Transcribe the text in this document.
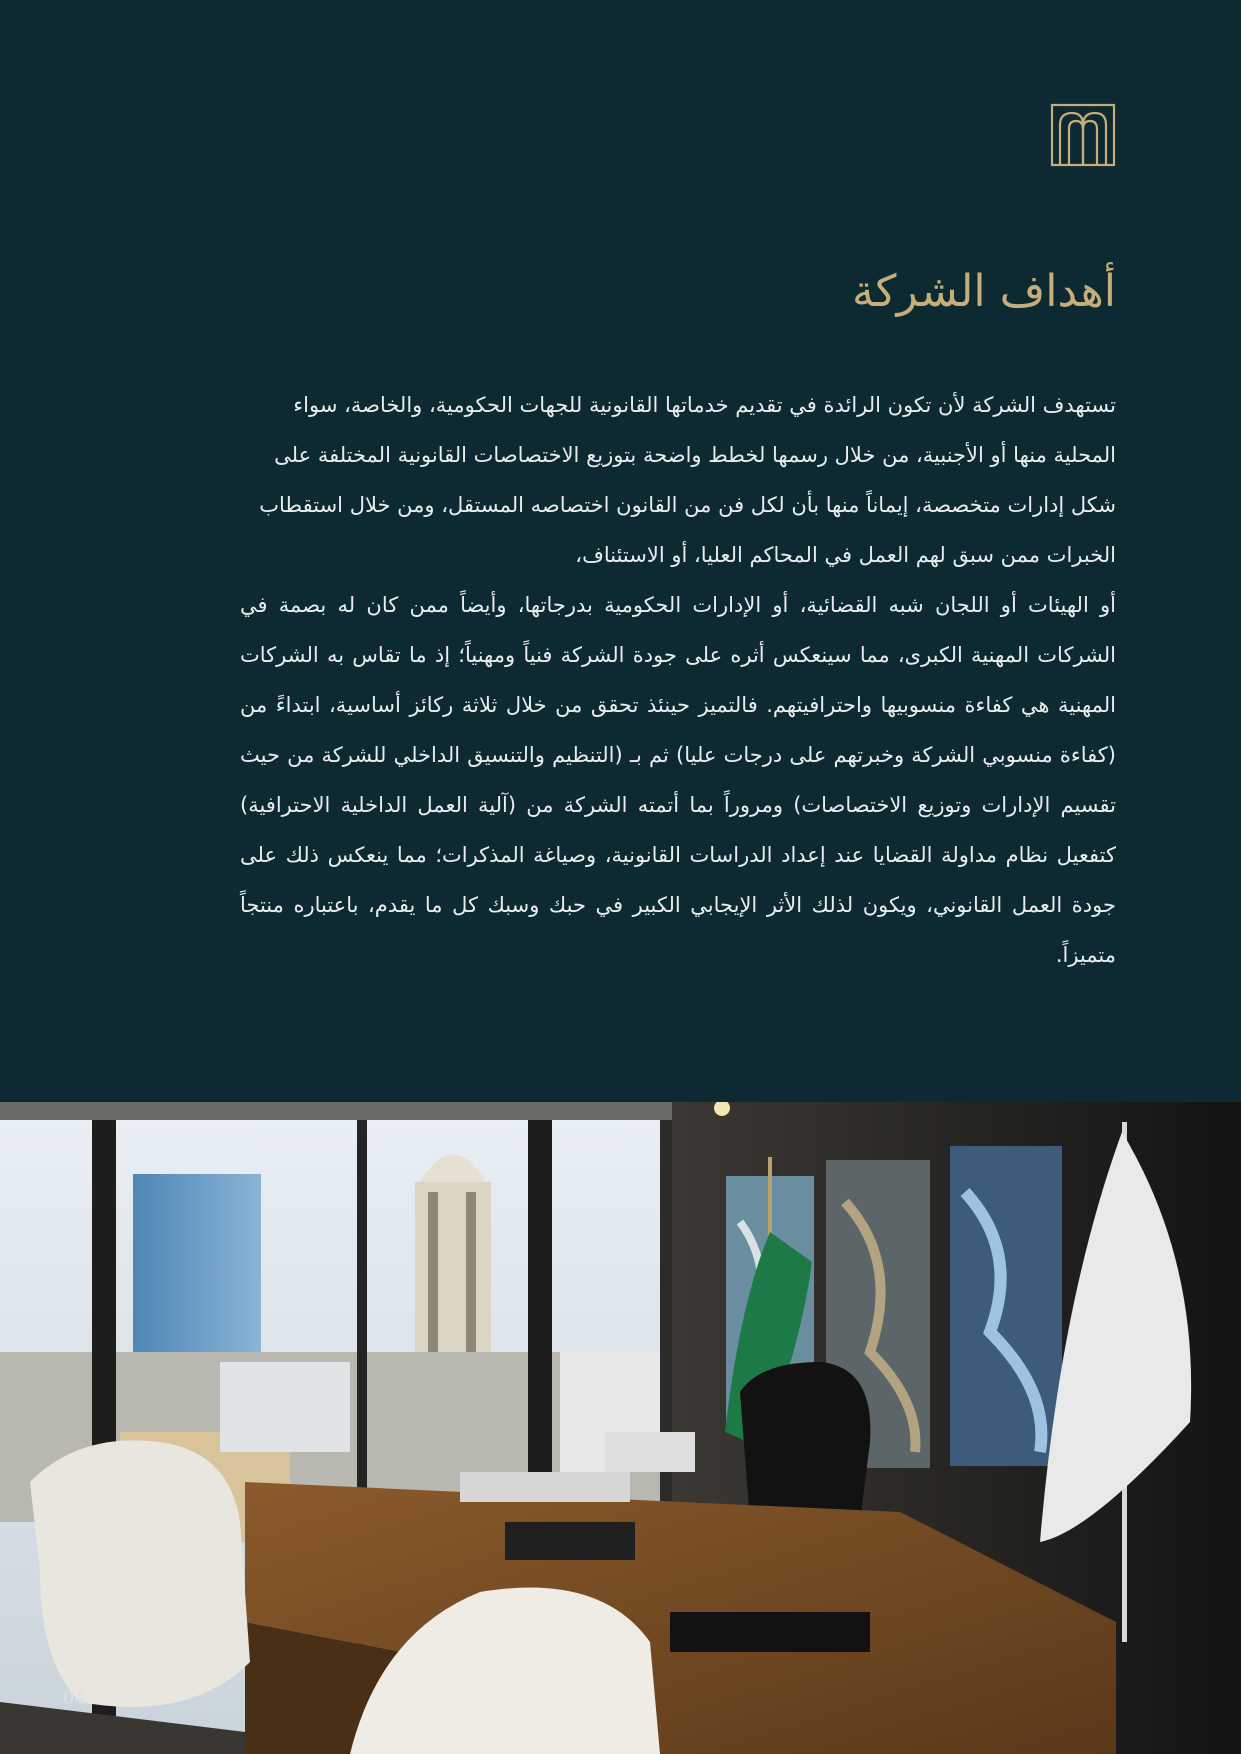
أهداف الشركة

تستهدف الشركة لأن تكون الرائدة في تقديم خدماتها القانونية للجهات الحكومية، والخاصة، سواء المحلية منها أو الأجنبية، من خلال رسمها لخطط واضحة بتوزيع الاختصاصات القانونية المختلفة على شكل إدارات متخصصة، إيماناً منها بأن لكل فن من القانون اختصاصه المستقل، ومن خلال استقطاب الخبرات ممن سبق لهم العمل في المحاكم العليا، أو الاستئناف،

أو الهيئات أو اللجان شبه القضائية، أو الإدارات الحكومية بدرجاتها، وأيضاً ممن كان له بصمة في الشركات المهنية الكبرى، مما سينعكس أثره على جودة الشركة فنياً ومهنياً؛ إذ ما تقاس به الشركات المهنية هي كفاءة منسوبيها واحترافيتهم. فالتميز حينئذ تحقق من خلال ثلاثة ركائز أساسية، ابتداءً من (كفاءة منسوبي الشركة وخبرتهم على درجات عليا) ثم بـ (التنظيم والتنسيق الداخلي للشركة من حيث تقسيم الإدارات وتوزيع الاختصاصات) ومروراً بما أتمته الشركة من (آلية العمل الداخلية الاحترافية) كتفعيل نظام مداولة القضايا عند إعداد الدراسات القانونية، وصياغة المذكرات؛ مما ينعكس ذلك على جودة العمل القانوني، ويكون لذلك الأثر الإيجابي الكبير في حبك وسبك كل ما يقدم، باعتباره منتجاً متميزاً.

04
